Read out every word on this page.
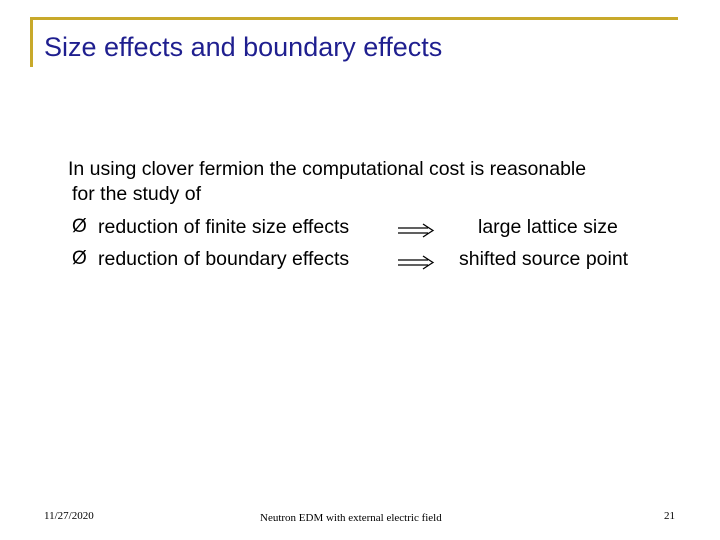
Size effects and boundary effects
In using clover fermion the computational cost is reasonable
for the study of
Ø reduction of finite size effects	large lattice size
Ø reduction of boundary effects	shifted source point
11/27/2020	Neutron EDM with external electric field	21
